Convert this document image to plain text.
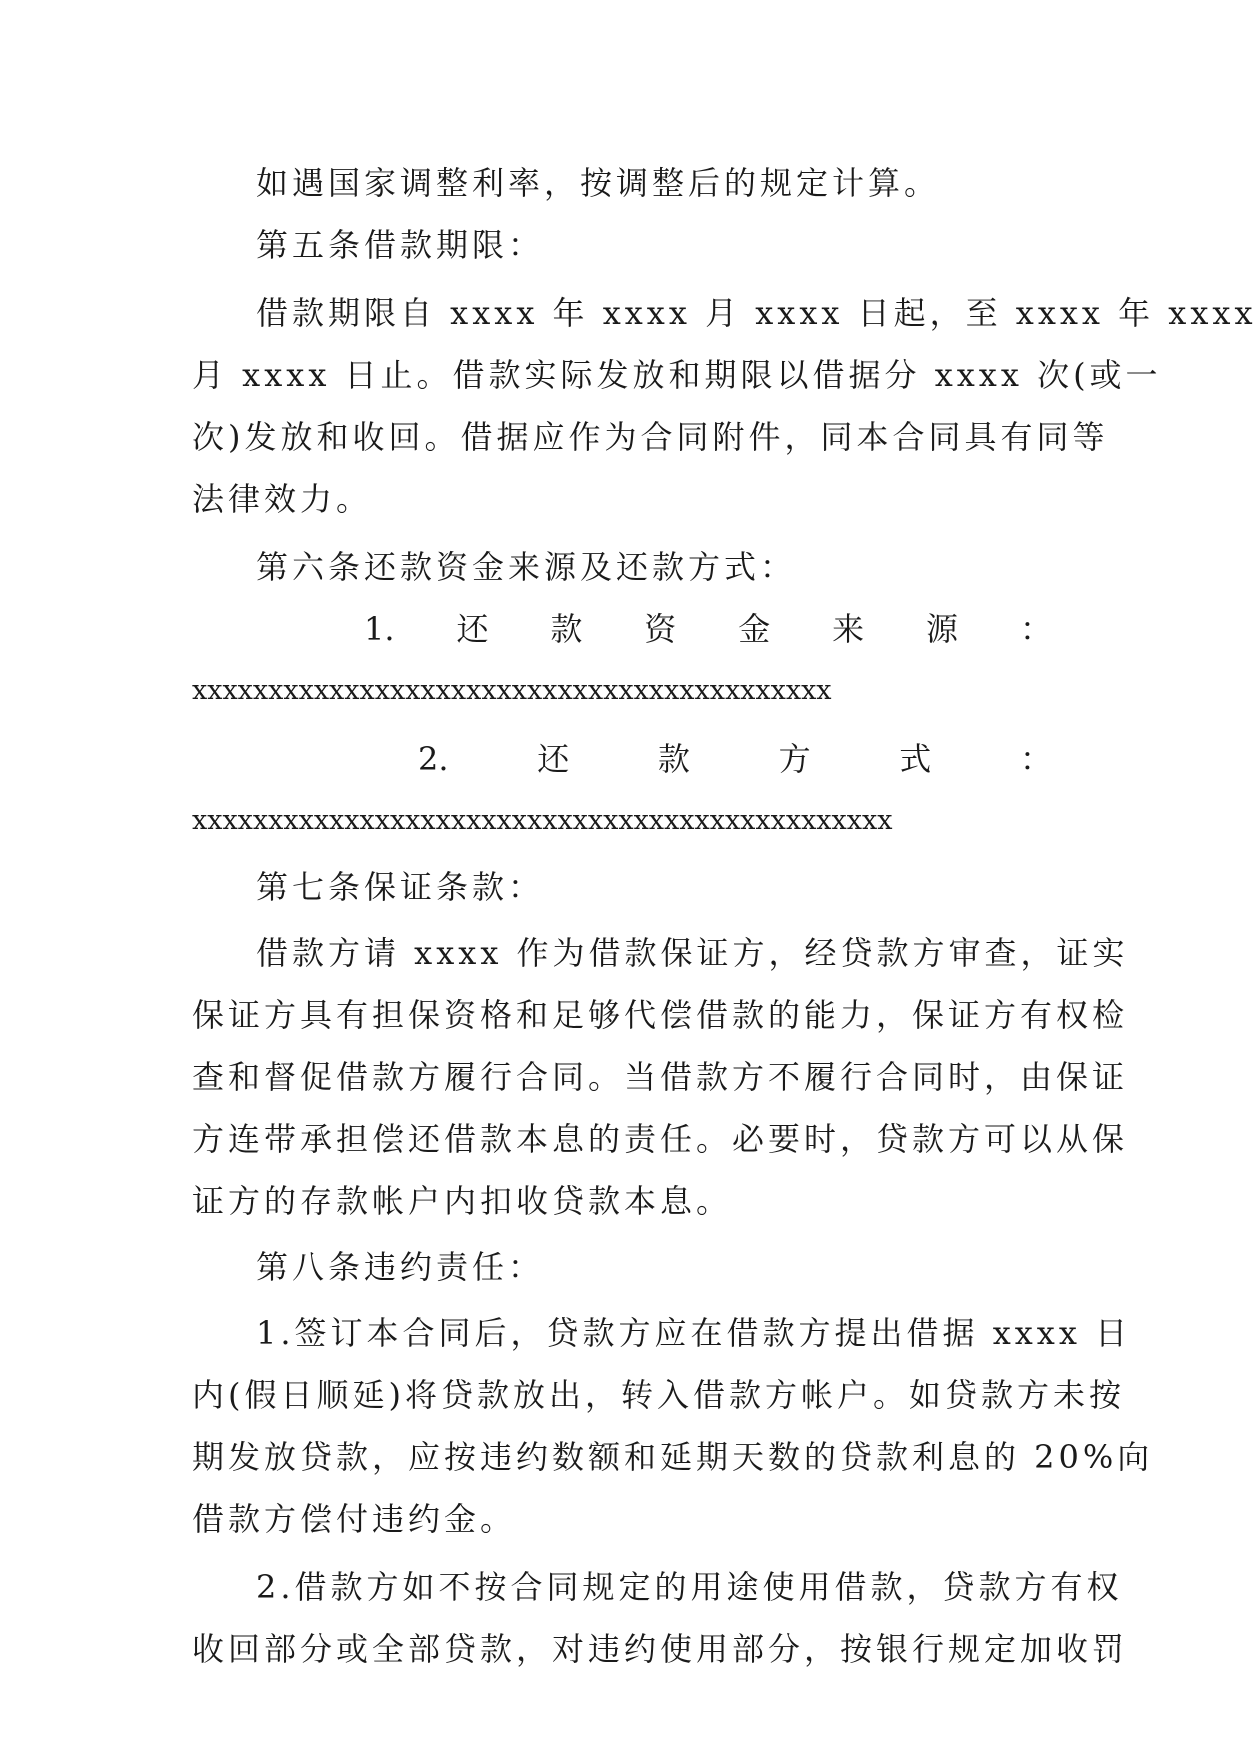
如遇国家调整利率，按调整后的规定计算。
第五条借款期限：
借款期限自 xxxx 年 xxxx 月 xxxx 日起，至 xxxx 年 xxxx
月 xxxx 日止。借款实际发放和期限以借据分 xxxx 次(或一
次)发放和收回。借据应作为合同附件，同本合同具有同等
法律效力。
第六条还款资金来源及还款方式：
1. 还 款 资 金 来 源 ：
xxxxxxxxxxxxxxxxxxxxxxxxxxxxxxxxxxxxxxxxxx
2.	还	款	方	式	：
xxxxxxxxxxxxxxxxxxxxxxxxxxxxxxxxxxxxxxxxxxxxxx
第七条保证条款：
借款方请 xxxx 作为借款保证方，经贷款方审查，证实
保证方具有担保资格和足够代偿借款的能力，保证方有权检
查和督促借款方履行合同。当借款方不履行合同时，由保证
方连带承担偿还借款本息的责任。必要时，贷款方可以从保
证方的存款帐户内扣收贷款本息。
第八条违约责任：
1.签订本合同后，贷款方应在借款方提出借据 xxxx 日
内(假日顺延)将贷款放出，转入借款方帐户。如贷款方未按
期发放贷款，应按违约数额和延期天数的贷款利息的 20%向
借款方偿付违约金。
2.借款方如不按合同规定的用途使用借款，贷款方有权
收回部分或全部贷款，对违约使用部分，按银行规定加收罚
